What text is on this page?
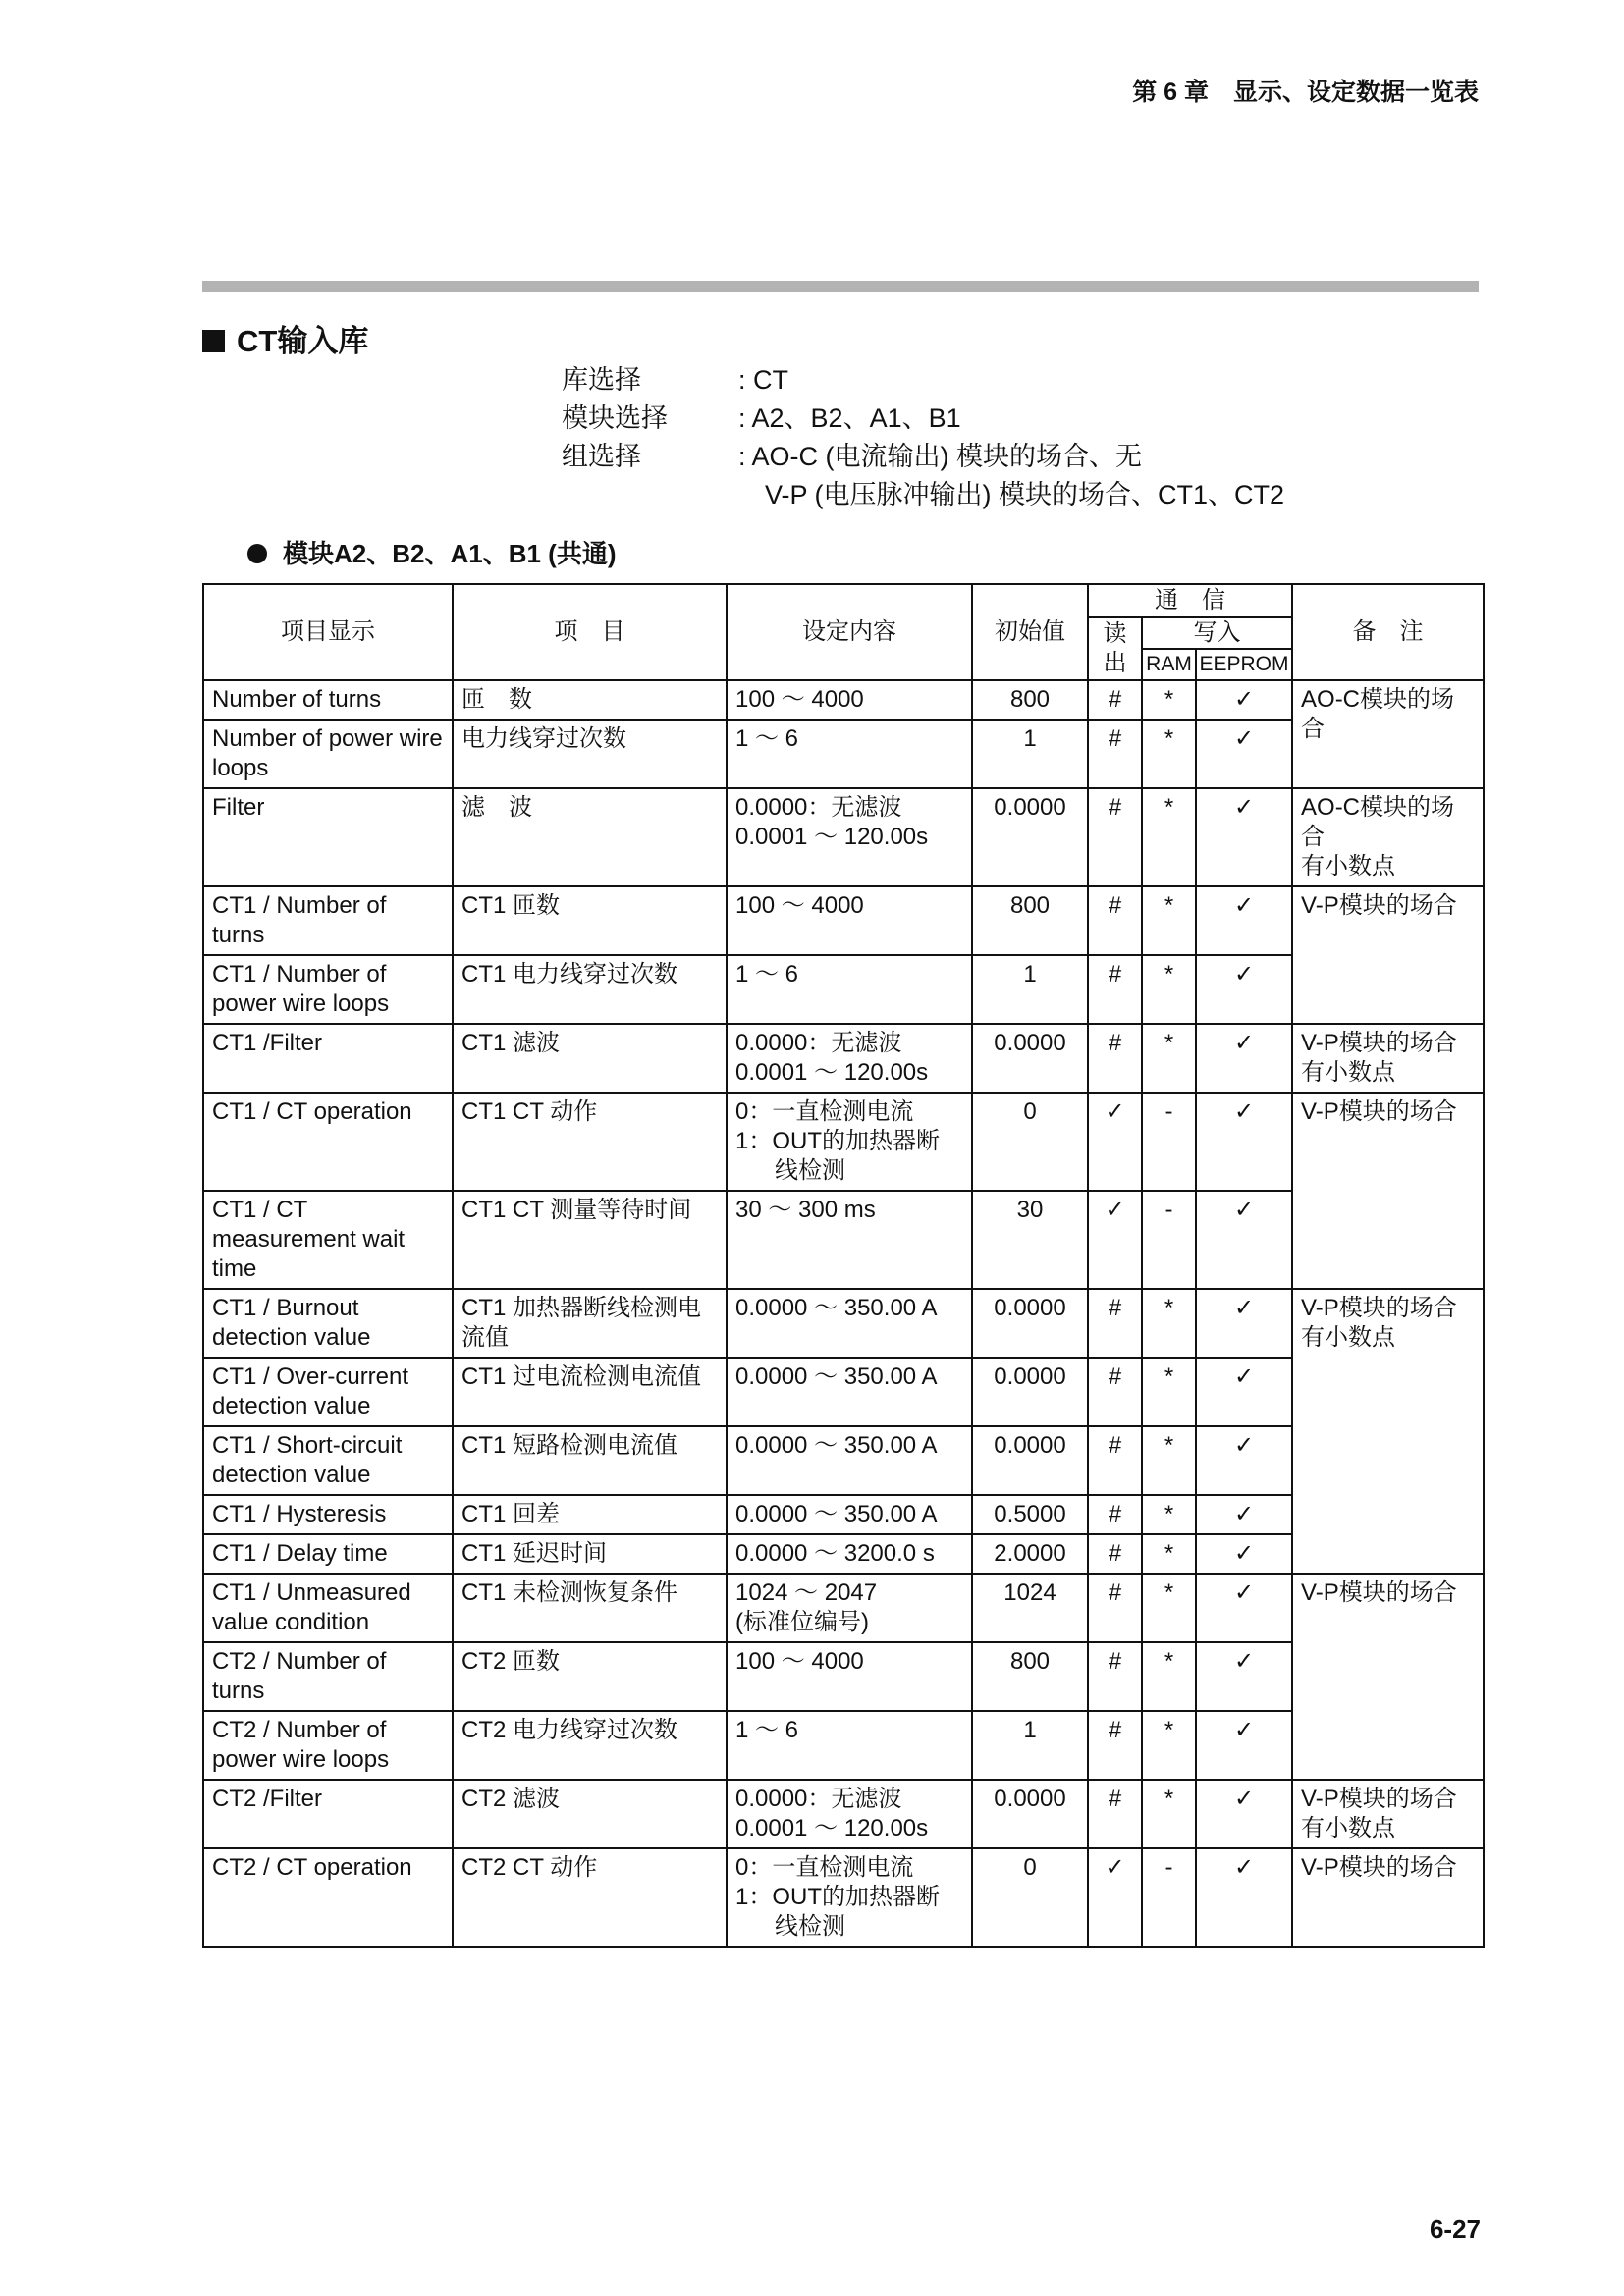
第 6 章　显示、设定数据一览表
CT输入库
库选择	: CT
模块选择	: A2、B2、A1、B1
组选择	: AO-C (电流输出) 模块的场合、无
　V-P (电压脉冲输出) 模块的场合、CT1、CT2
模块A2、B2、A1、B1 (共通)
项目显示	项　目	设定内容	初始值	通　信			备　注
				读出	写入		
					RAM	EEPROM	
Number of turns	匝　数	100 ～ 4000	800	#	*	✓	AO-C模块的场合

Number of power wire loops	电力线穿过次数	1 ～ 6	1	#	*	✓	
Filter	滤　波	0.0000：无滤波
0.0001 ～ 120.00s	0.0000	#	*	✓	AO-C模块的场合
有小数点

CT1 / Number of turns	CT1 匝数	100 ～ 4000	800	#	*	✓	V-P模块的场合

CT1 / Number of power wire loops	CT1 电力线穿过次数	1 ～ 6	1	#	*	✓	
CT1 /Filter	CT1 滤波	0.0000：无滤波
0.0001 ～ 120.00s	0.0000	#	*	✓	V-P模块的场合
有小数点

CT1 / CT operation	CT1 CT 动作	0：一直检测电流
1：OUT的加热器断
线检测	0	✓	-	✓	V-P模块的场合

CT1 / CT measurement wait time	CT1 CT 测量等待时间	30 ～ 300 ms	30	✓	-	✓	
CT1 / Burnout detection value	CT1 加热器断线检测电流值	0.0000 ～ 350.00 A	0.0000	#	*	✓	V-P模块的场合
有小数点

CT1 / Over-current detection value	CT1 过电流检测电流值	0.0000 ～ 350.00 A	0.0000	#	*	✓	
CT1 / Short-circuit detection value	CT1 短路检测电流值	0.0000 ～ 350.00 A	0.0000	#	*	✓	
CT1 / Hysteresis	CT1 回差	0.0000 ～ 350.00 A	0.5000	#	*	✓	
CT1 / Delay time	CT1 延迟时间	0.0000 ～ 3200.0 s	2.0000	#	*	✓	
CT1 / Unmeasured value condition	CT1 未检测恢复条件	1024 ～ 2047
(标准位编号)	1024	#	*	✓	V-P模块的场合

CT2 / Number of turns	CT2 匝数	100 ～ 4000	800	#	*	✓	
CT2 / Number of power wire loops	CT2 电力线穿过次数	1 ～ 6	1	#	*	✓	
CT2 /Filter	CT2 滤波	0.0000：无滤波
0.0001 ～ 120.00s	0.0000	#	*	✓	V-P模块的场合
有小数点

CT2 / CT operation	CT2 CT 动作	0：一直检测电流
1：OUT的加热器断
线检测	0	✓	-	✓	V-P模块的场合
6-27
